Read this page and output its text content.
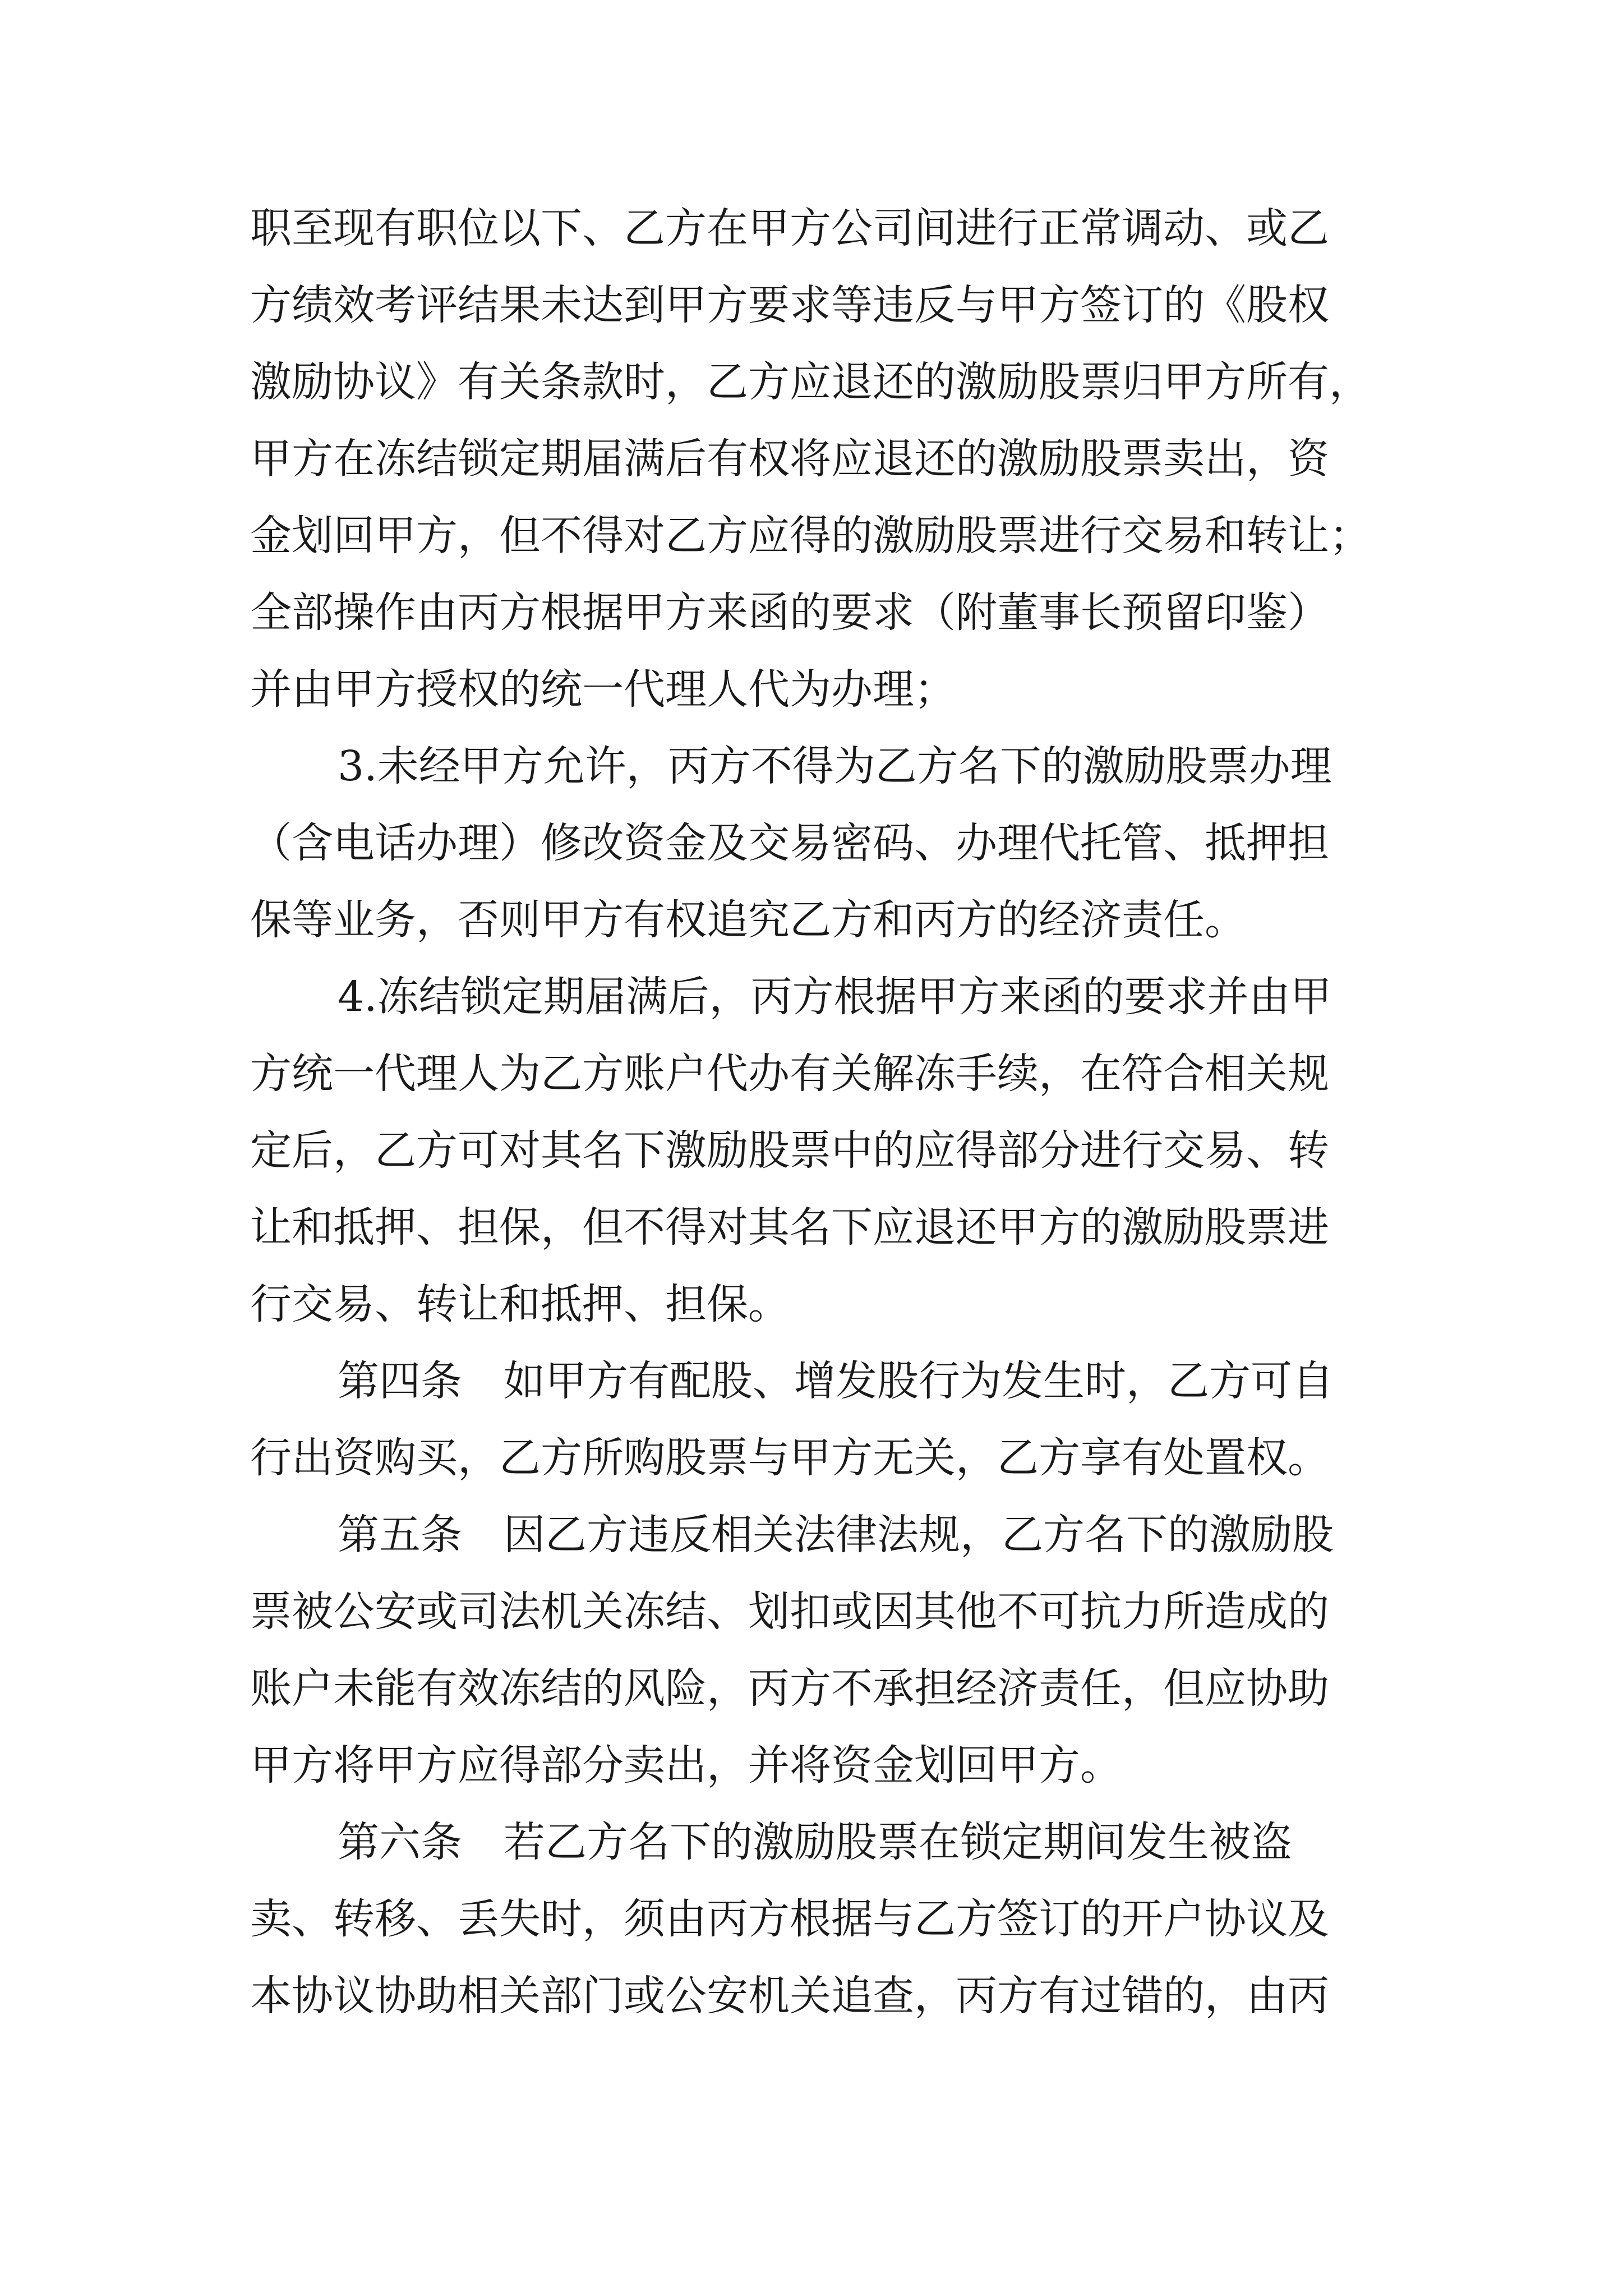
职至现有职位以下、乙方在甲方公司间进行正常调动、或乙

方绩效考评结果未达到甲方要求等违反与甲方签订的《股权

激励协议》有关条款时，乙方应退还的激励股票归甲方所有，

甲方在冻结锁定期届满后有权将应退还的激励股票卖出，资

金划回甲方，但不得对乙方应得的激励股票进行交易和转让；

全部操作由丙方根据甲方来函的要求（附董事长预留印鉴）

并由甲方授权的统一代理人代为办理；

3.未经甲方允许，丙方不得为乙方名下的激励股票办理

（含电话办理）修改资金及交易密码、办理代托管、抵押担

保等业务，否则甲方有权追究乙方和丙方的经济责任。

4.冻结锁定期届满后，丙方根据甲方来函的要求并由甲

方统一代理人为乙方账户代办有关解冻手续，在符合相关规

定后，乙方可对其名下激励股票中的应得部分进行交易、转

让和抵押、担保，但不得对其名下应退还甲方的激励股票进

行交易、转让和抵押、担保。

第四条　如甲方有配股、增发股行为发生时，乙方可自

行出资购买，乙方所购股票与甲方无关，乙方享有处置权。

第五条　因乙方违反相关法律法规，乙方名下的激励股

票被公安或司法机关冻结、划扣或因其他不可抗力所造成的

账户未能有效冻结的风险，丙方不承担经济责任，但应协助

甲方将甲方应得部分卖出，并将资金划回甲方。

第六条　若乙方名下的激励股票在锁定期间发生被盗

卖、转移、丢失时，须由丙方根据与乙方签订的开户协议及

本协议协助相关部门或公安机关追查，丙方有过错的，由丙
